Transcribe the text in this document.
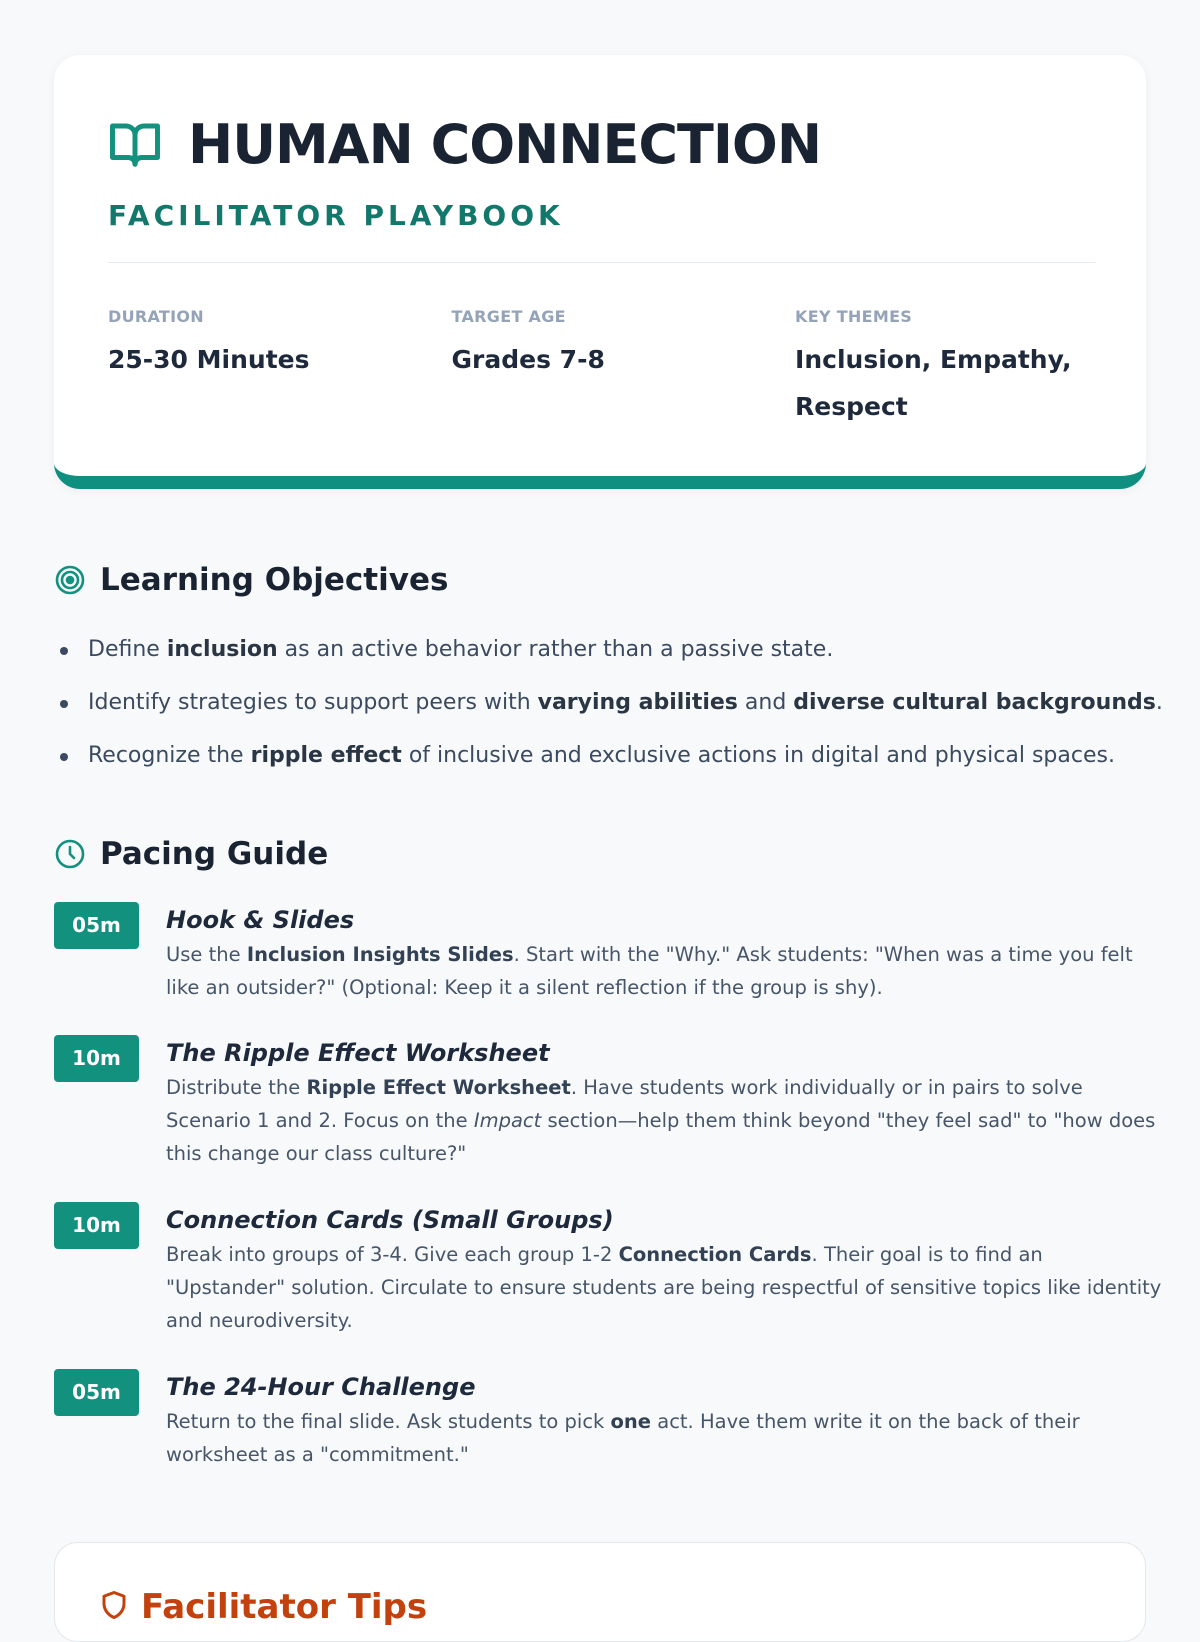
HUMAN CONNECTION
FACILITATOR PLAYBOOK
DURATION
25-30 Minutes
TARGET AGE
Grades 7-8
KEY THEMES
Inclusion, Empathy, Respect
Learning Objectives
Define inclusion as an active behavior rather than a passive state.
Identify strategies to support peers with varying abilities and diverse cultural backgrounds.
Recognize the ripple effect of inclusive and exclusive actions in digital and physical spaces.
Pacing Guide
05m	Hook & Slides
Use the Inclusion Insights Slides. Start with the "Why." Ask students: "When was a time you felt like an outsider?" (Optional: Keep it a silent reflection if the group is shy).
10m	The Ripple Effect Worksheet
Distribute the Ripple Effect Worksheet. Have students work individually or in pairs to solve Scenario 1 and 2. Focus on the Impact section—help them think beyond "they feel sad" to "how does this change our class culture?"
10m	Connection Cards (Small Groups)
Break into groups of 3-4. Give each group 1-2 Connection Cards. Their goal is to find an "Upstander" solution. Circulate to ensure students are being respectful of sensitive topics like identity and neurodiversity.
05m	The 24-Hour Challenge
Return to the final slide. Ask students to pick one act. Have them write it on the back of their worksheet as a "commitment."
Facilitator Tips
